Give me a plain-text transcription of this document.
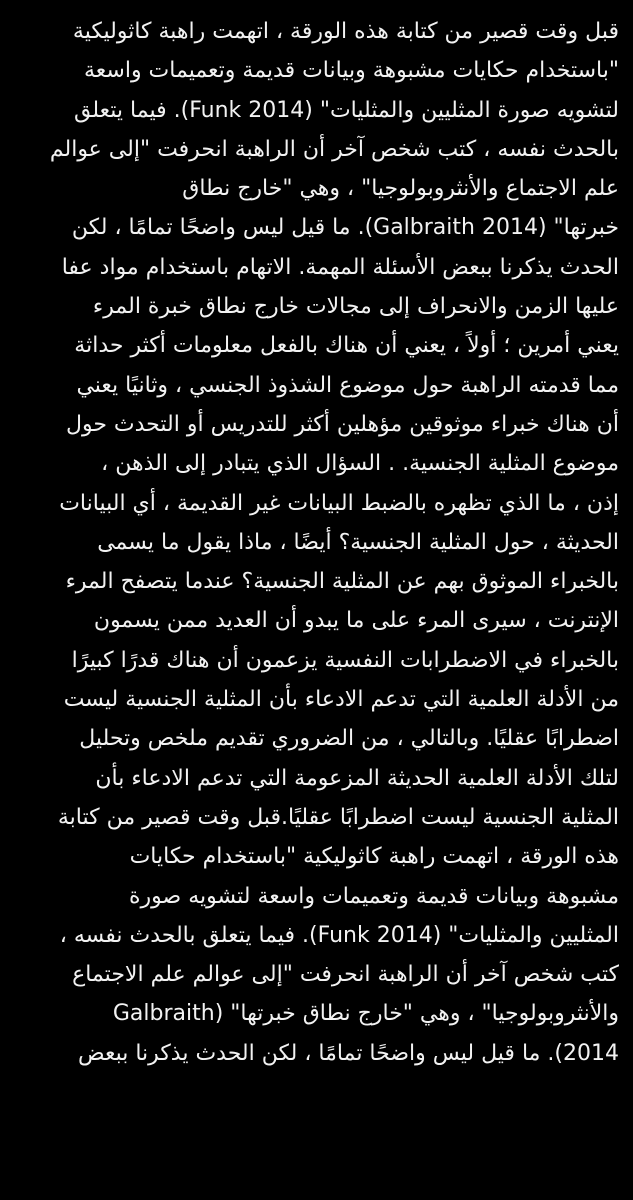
قبل وقت قصير من كتابة هذه الورقة ، اتهمت راهبة كاثوليكية
"باستخدام حكايات مشبوهة وبيانات قديمة وتعميمات واسعة
لتشويه صورة المثليين والمثليات" (Funk 2014). فيما يتعلق
بالحدث نفسه ، كتب شخص آخر أن الراهبة انحرفت "إلى عوالم
علم الاجتماع والأنثروبولوجيا" ، وهي "خارج نطاق
خبرتها" (Galbraith 2014). ما قيل ليس واضحًا تمامًا ، لكن
الحدث يذكرنا ببعض الأسئلة المهمة. الاتهام باستخدام مواد عفا
عليها الزمن والانحراف إلى مجالات خارج نطاق خبرة المرء
يعني أمرين ؛ أولاً ، يعني أن هناك بالفعل معلومات أكثر حداثة
مما قدمته الراهبة حول موضوع الشذوذ الجنسي ، وثانيًا يعني
أن هناك خبراء موثوقين مؤهلين أكثر للتدريس أو التحدث حول
موضوع المثلية الجنسية. . السؤال الذي يتبادر إلى الذهن ،
إذن ، ما الذي تظهره بالضبط البيانات غير القديمة ، أي البيانات
الحديثة ، حول المثلية الجنسية؟ أيضًا ، ماذا يقول ما يسمى
بالخبراء الموثوق بهم عن المثلية الجنسية؟ عندما يتصفح المرء
الإنترنت ، سيرى المرء على ما يبدو أن العديد ممن يسمون
بالخبراء في الاضطرابات النفسية يزعمون أن هناك قدرًا كبيرًا
من الأدلة العلمية التي تدعم الادعاء بأن المثلية الجنسية ليست
اضطرابًا عقليًا. وبالتالي ، من الضروري تقديم ملخص وتحليل
لتلك الأدلة العلمية الحديثة المزعومة التي تدعم الادعاء بأن
المثلية الجنسية ليست اضطرابًا عقليًا.قبل وقت قصير من كتابة
هذه الورقة ، اتهمت راهبة كاثوليكية "باستخدام حكايات
مشبوهة وبيانات قديمة وتعميمات واسعة لتشويه صورة
المثليين والمثليات" (Funk 2014). فيما يتعلق بالحدث نفسه ،
كتب شخص آخر أن الراهبة انحرفت "إلى عوالم علم الاجتماع
والأنثروبولوجيا" ، وهي "خارج نطاق خبرتها" (Galbraith
2014). ما قيل ليس واضحًا تمامًا ، لكن الحدث يذكرنا ببعض
